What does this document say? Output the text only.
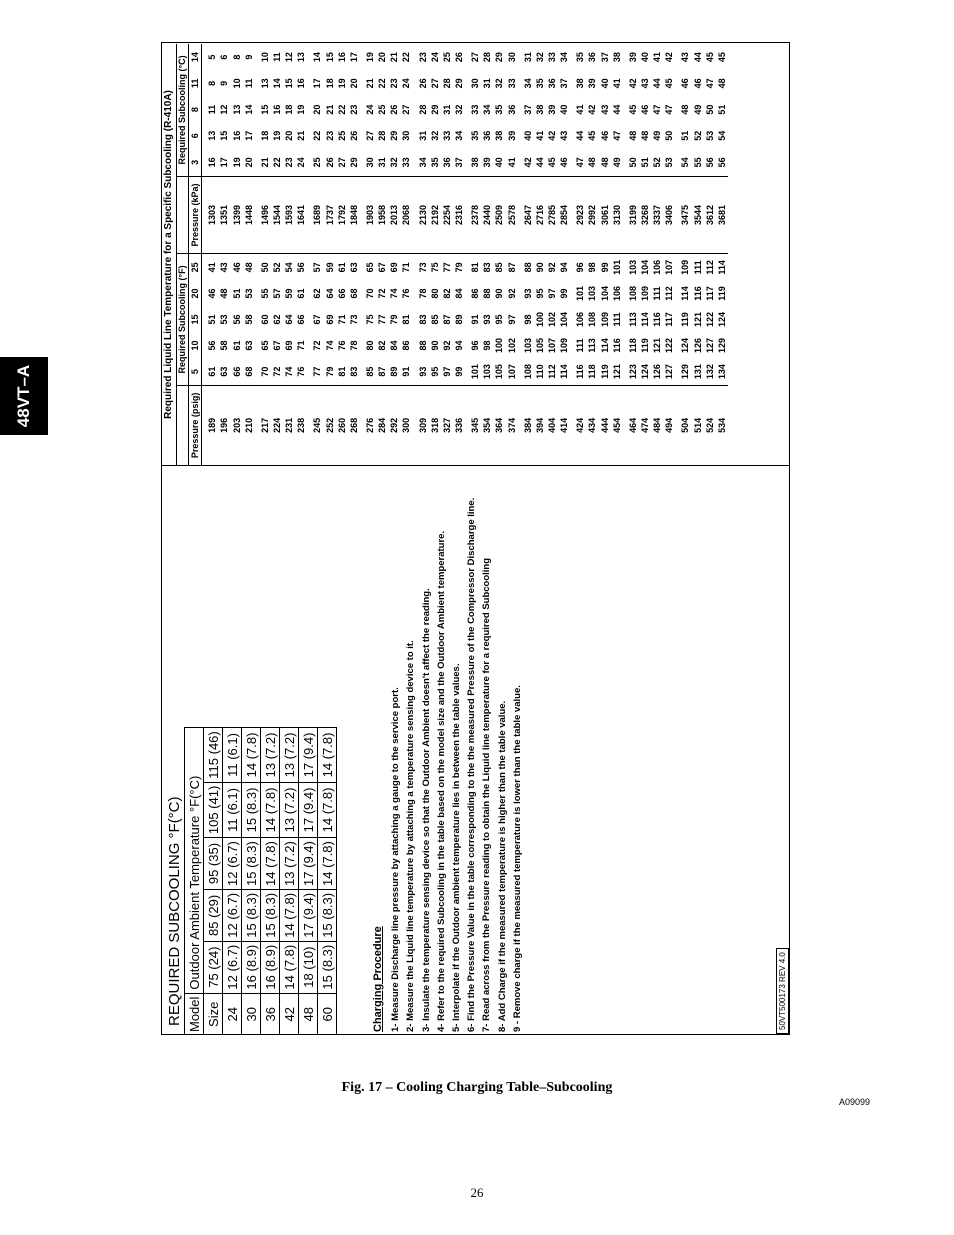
48VT–A
REQUIRED SUBCOOLING °F(°C) Model	Outdoor Ambient Temperature °F(°C)				
Size	75 (24)	85 (29)	95 (35)	105 (41)	115 (46)
24	12 (6.7)	12 (6.7)	12 (6.7)	11 (6.1)	11 (6.1)
30	16 (8.9)	15 (8.3)	15 (8.3)	15 (8.3)	14 (7.8)
36	16 (8.9)	15 (8.3)	14 (7.8)	14 (7.8)	13 (7.2)
42	14 (7.8)	14 (7.8)	13 (7.2)	13 (7.2)	13 (7.2)
48	18 (10)	17 (9.4)	17 (9.4)	17 (9.4)	17 (9.4)
60	15 (8.3)	15 (8.3)	14 (7.8)	14 (7.8)	14 (7.8)
Charging Procedure 1- Measure Discharge line pressure by attaching a gauge to the service port. 2- Measure the Liquid line temperature by attaching a temperature sensing device to it. 3- Insulate the temperature sensing device so that the Outdoor Ambient doesn't affect the reading. 4- Refer to the required Subcooling in the table based on the model size and the Outdoor Ambient temperature. 5- Interpolate if the Outdoor ambient temperature lies in between the table values. 6- Find the Pressure Value in the table corresponding to the the measured Pressure of the Compressor Discharge line. 7- Read across from the Pressure reading to obtain the Liquid line temperature for a required Subcooling 8- Add Charge if the measured temperature is higher than the table value. 9 - Remove charge if the measured temperature is lower than the table value.	50VT500173 REV 4.0
Required Liquid Line Temperature for a Specific Subcooling (R-410A)
	Required Subcooling (°F)						Required Subcooling (°C)				
Pressure (psig)	5	10	15	20	25	Pressure (kPa)	3	6	8	11	14

189	61	56	51	46	41	1303	16	13	11	8	5
196	63	58	53	48	43	1351	17	15	12	9	6
203	66	61	56	51	46	1399	19	16	13	10	8
210	68	63	58	53	48	1448	20	17	14	11	9

217	70	65	60	55	50	1496	21	18	15	13	10
224	72	67	62	57	52	1544	22	19	16	14	11
231	74	69	64	59	54	1593	23	20	18	15	12
238	76	71	66	61	56	1641	24	21	19	16	13

245	77	72	67	62	57	1689	25	22	20	17	14
252	79	74	69	64	59	1737	26	23	21	18	15
260	81	76	71	66	61	1792	27	25	22	19	16
268	83	78	73	68	63	1848	29	26	23	20	17

276	85	80	75	70	65	1903	30	27	24	21	19
284	87	82	77	72	67	1958	31	28	25	22	20
292	89	84	79	74	69	2013	32	29	26	23	21
300	91	86	81	76	71	2068	33	30	27	24	22

309	93	88	83	78	73	2130	34	31	28	26	23
318	95	90	85	80	75	2192	35	32	29	27	24
327	97	92	87	82	77	2254	36	33	31	28	25
336	99	94	89	84	79	2316	37	34	32	29	26

345	101	96	91	86	81	2378	38	35	33	30	27
354	103	98	93	88	83	2440	39	36	34	31	28
364	105	100	95	90	85	2509	40	38	35	32	29
374	107	102	97	92	87	2578	41	39	36	33	30

384	108	103	98	93	88	2647	42	40	37	34	31
394	110	105	100	95	90	2716	44	41	38	35	32
404	112	107	102	97	92	2785	45	42	39	36	33
414	114	109	104	99	94	2854	46	43	40	37	34

424	116	111	106	101	96	2923	47	44	41	38	35
434	118	113	108	103	98	2992	48	45	42	39	36
444	119	114	109	104	99	3061	48	46	43	40	37
454	121	116	111	106	101	3130	49	47	44	41	38

464	123	118	113	108	103	3199	50	48	45	42	39
474	124	119	114	109	104	3268	51	48	46	43	40
484	126	121	116	111	106	3337	52	49	47	44	41
494	127	122	117	112	107	3406	53	50	47	45	42

504	129	124	119	114	109	3475	54	51	48	46	43
514	131	126	121	116	111	3544	55	52	49	46	44
524	132	127	122	117	112	3612	56	53	50	47	45
534	134	129	124	119	114	3681	56	54	51	48	45
A09099
Fig. 17 – Cooling Charging Table–Subcooling
26
